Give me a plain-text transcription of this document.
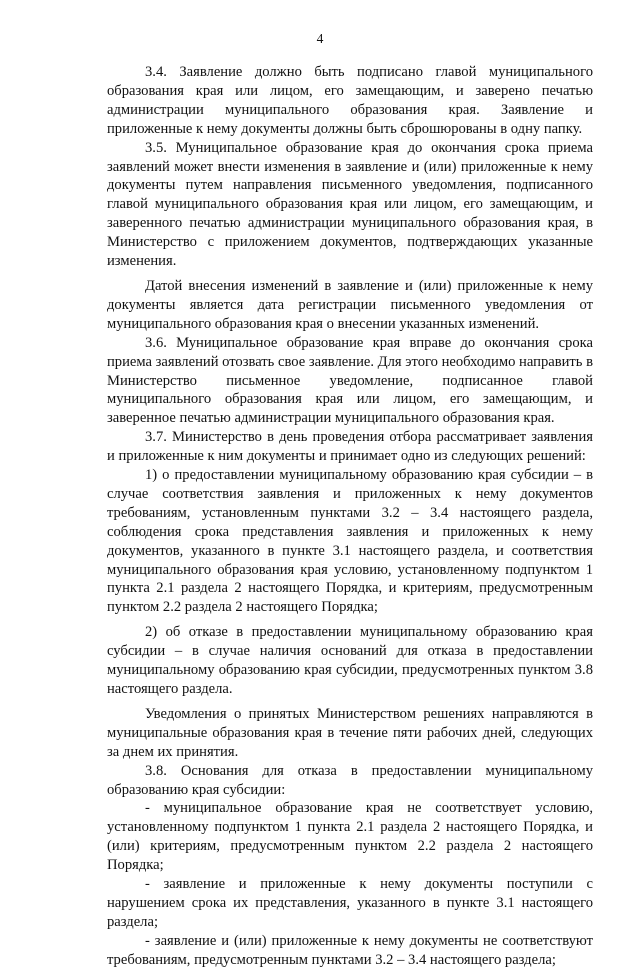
4

3.4. Заявление должно быть подписано главой муниципального образования края или лицом, его замещающим, и заверено печатью администрации муниципального образования края. Заявление и приложенные к нему документы должны быть сброшюрованы в одну папку.

3.5. Муниципальное образование края до окончания срока приема заявлений может внести изменения в заявление и (или) приложенные к нему документы путем направления письменного уведомления, подписанного главой муниципального образования края или лицом, его замещающим, и заверенного печатью администрации муниципального образования края, в Министерство с приложением документов, подтверждающих указанные изменения.

Датой внесения изменений в заявление и (или) приложенные к нему документы является дата регистрации письменного уведомления от муниципального образования края о внесении указанных изменений.

3.6. Муниципальное образование края вправе до окончания срока приема заявлений отозвать свое заявление. Для этого необходимо направить в Министерство письменное уведомление, подписанное главой муниципального образования края или лицом, его замещающим, и заверенное печатью администрации муниципального образования края.

3.7. Министерство в день проведения отбора рассматривает заявления и приложенные к ним документы и принимает одно из следующих решений:

1) о предоставлении муниципальному образованию края субсидии – в случае соответствия заявления и приложенных к нему документов требованиям, установленным пунктами 3.2 – 3.4 настоящего раздела, соблюдения срока представления заявления и приложенных к нему документов, указанного в пункте 3.1 настоящего раздела, и соответствия муниципального образования края условию, установленному подпунктом 1 пункта 2.1 раздела 2 настоящего Порядка, и критериям, предусмотренным пунктом 2.2 раздела 2 настоящего Порядка;

2) об отказе в предоставлении муниципальному образованию края субсидии – в случае наличия оснований для отказа в предоставлении муниципальному образованию края субсидии, предусмотренных пунктом 3.8 настоящего раздела.

Уведомления о принятых Министерством решениях направляются в муниципальные образования края в течение пяти рабочих дней, следующих за днем их принятия.

3.8. Основания для отказа в предоставлении муниципальному образованию края субсидии:

- муниципальное образование края не соответствует условию, установленному подпунктом 1 пункта 2.1 раздела 2 настоящего Порядка, и (или) критериям, предусмотренным пунктом 2.2 раздела 2 настоящего Порядка;

- заявление и приложенные к нему документы поступили с нарушением срока их представления, указанного в пункте 3.1 настоящего раздела;

- заявление и (или) приложенные к нему документы не соответствуют требованиям, предусмотренным пунктами 3.2 – 3.4 настоящего раздела;
